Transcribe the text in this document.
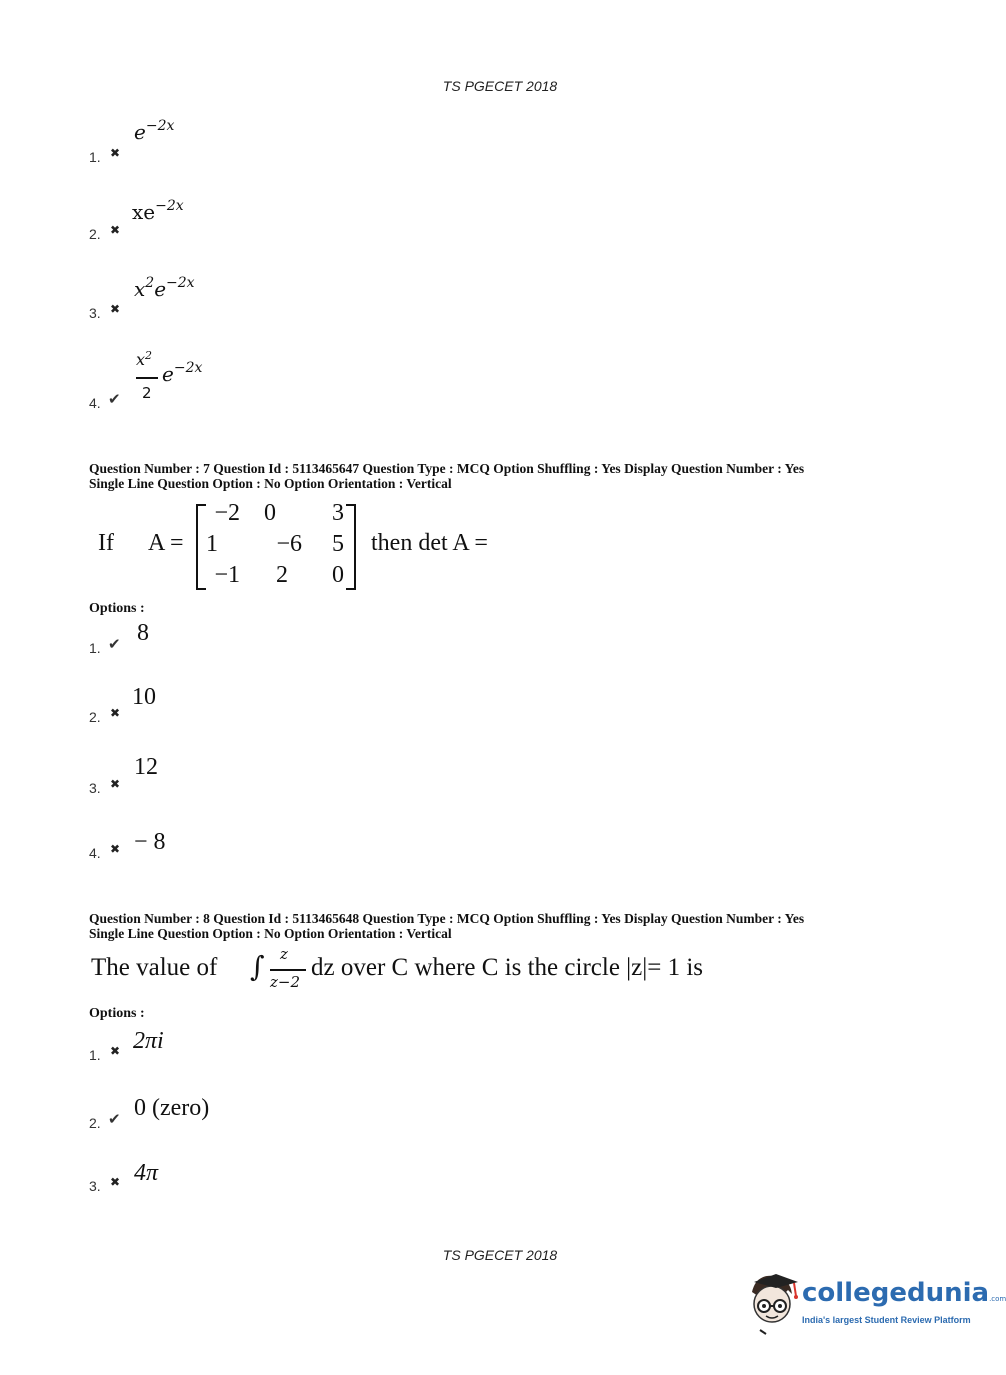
TS PGECET 2018
1. ✖
$e^{-2x}$
2. ✖
$xe^{-2x}$
3. ✖
$x^2e^{-2x}$
4. ✔
$x^2$
2
$e^{-2x}$
Question Number : 7 Question Id : 5113465647 Question Type : MCQ Option Shuffling : Yes Display Question Number : Yes
Single Line Question Option : No Option Orientation : Vertical
If A =
−2	0	3
1	−6	5
−1	2	0
then det A =
Options :
1. ✔ 8
2. ✖
10
3. ✖
12
4. ✖ − 8
Question Number : 8 Question Id : 5113465648 Question Type : MCQ Option Shuffling : Yes Display Question Number : Yes
Single Line Question Option : No Option Orientation : Vertical
The value of ∫ z
z−2
dz over C where C is the circle |z|= 1 is
Options :
1. ✖ 2πi
2. ✔ 0 (zero)
3. ✖ 4π
TS PGECET 2018
collegedunia.com
India's largest Student Review Platform
